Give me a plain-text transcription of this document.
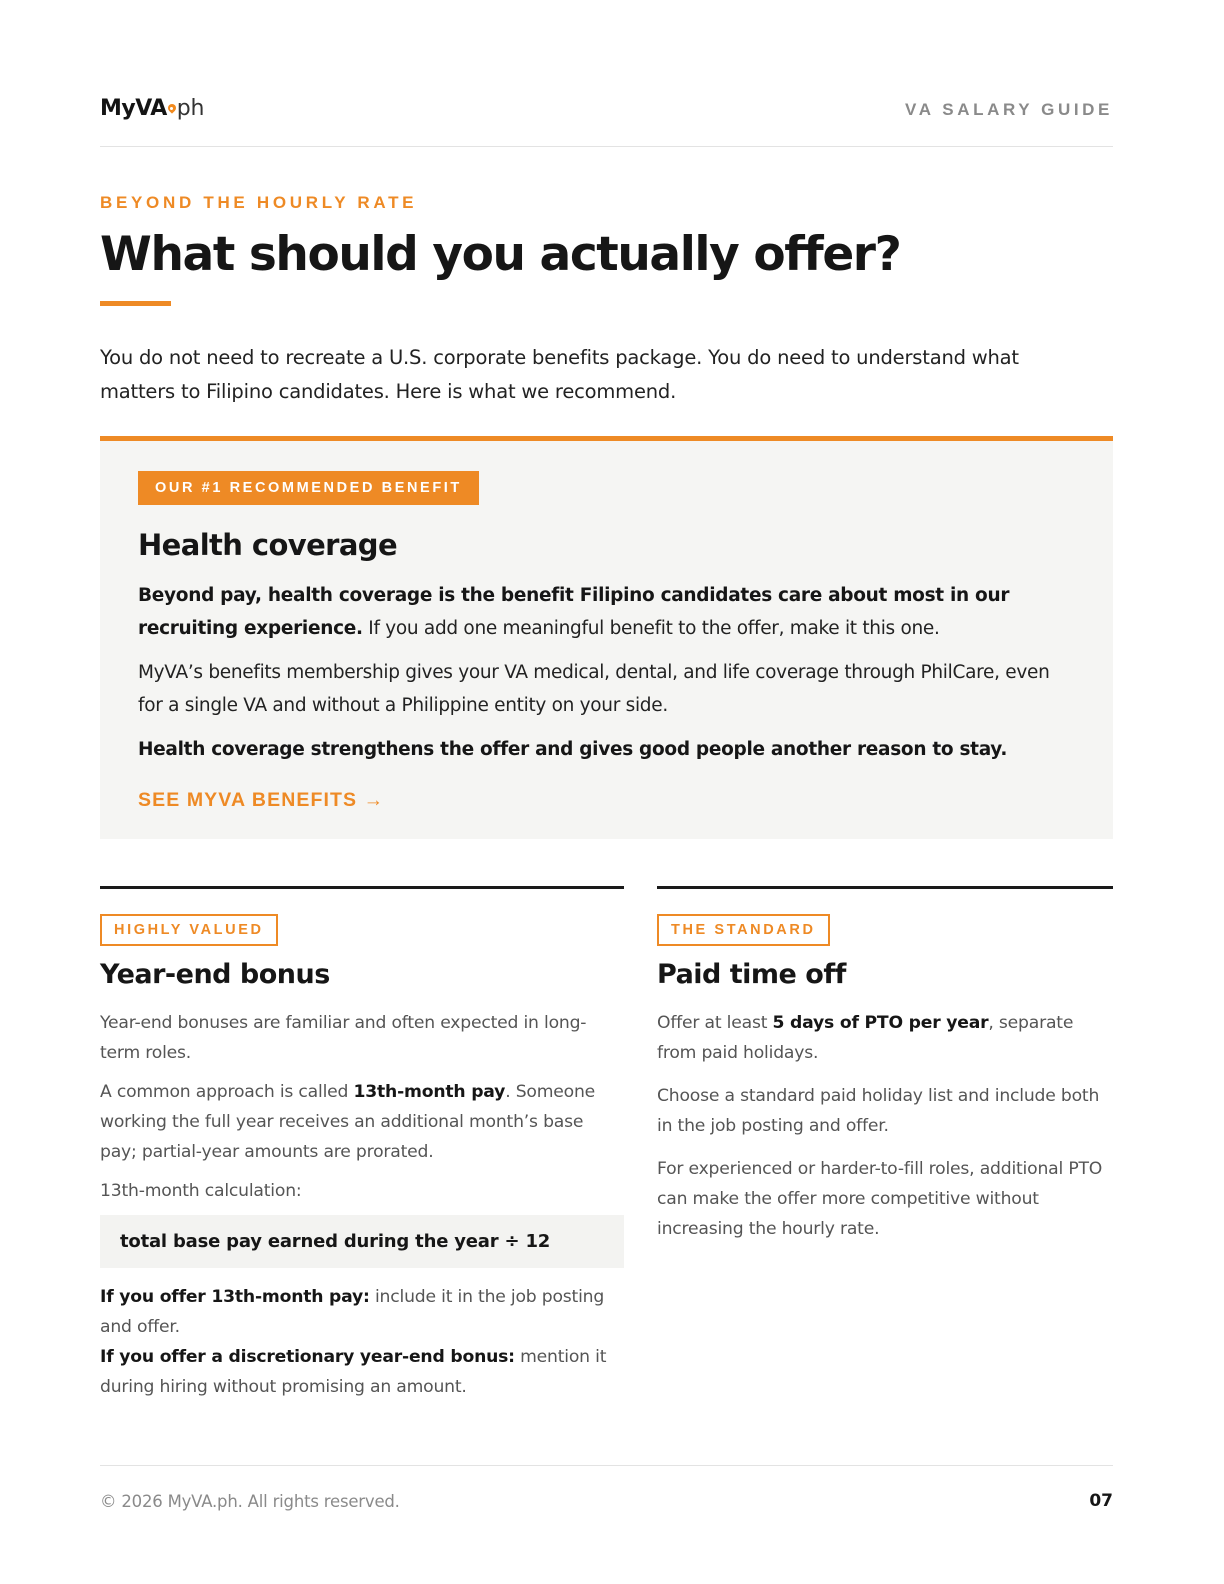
MyVA ph	VA SALARY GUIDE
BEYOND THE HOURLY RATE
What should you actually offer?

You do not need to recreate a U.S. corporate benefits package. You do need to understand what matters to Filipino candidates. Here is what we recommend.

OUR #1 RECOMMENDED BENEFIT
Health coverage

Beyond pay, health coverage is the benefit Filipino candidates care about most in our recruiting experience. If you add one meaningful benefit to the offer, make it this one.

MyVA’s benefits membership gives your VA medical, dental, and life coverage through PhilCare, even for a single VA and without a Philippine entity on your side.

Health coverage strengthens the offer and gives good people another reason to stay.

SEE MYVA BENEFITS →
HIGHLY VALUED
Year-end bonus

Year-end bonuses are familiar and often expected in long-term roles.

A common approach is called 13th-month pay. Someone working the full year receives an additional month’s base pay; partial-year amounts are prorated.

13th-month calculation:

total base pay earned during the year ÷ 12

If you offer 13th-month pay: include it in the job posting and offer.

If you offer a discretionary year-end bonus: mention it during hiring without promising an amount.

THE STANDARD
Paid time off

Offer at least 5 days of PTO per year, separate from paid holidays.

Choose a standard paid holiday list and include both in the job posting and offer.

For experienced or harder-to-fill roles, additional PTO can make the offer more competitive without increasing the hourly rate.

© 2026 MyVA.ph. All rights reserved.	07
